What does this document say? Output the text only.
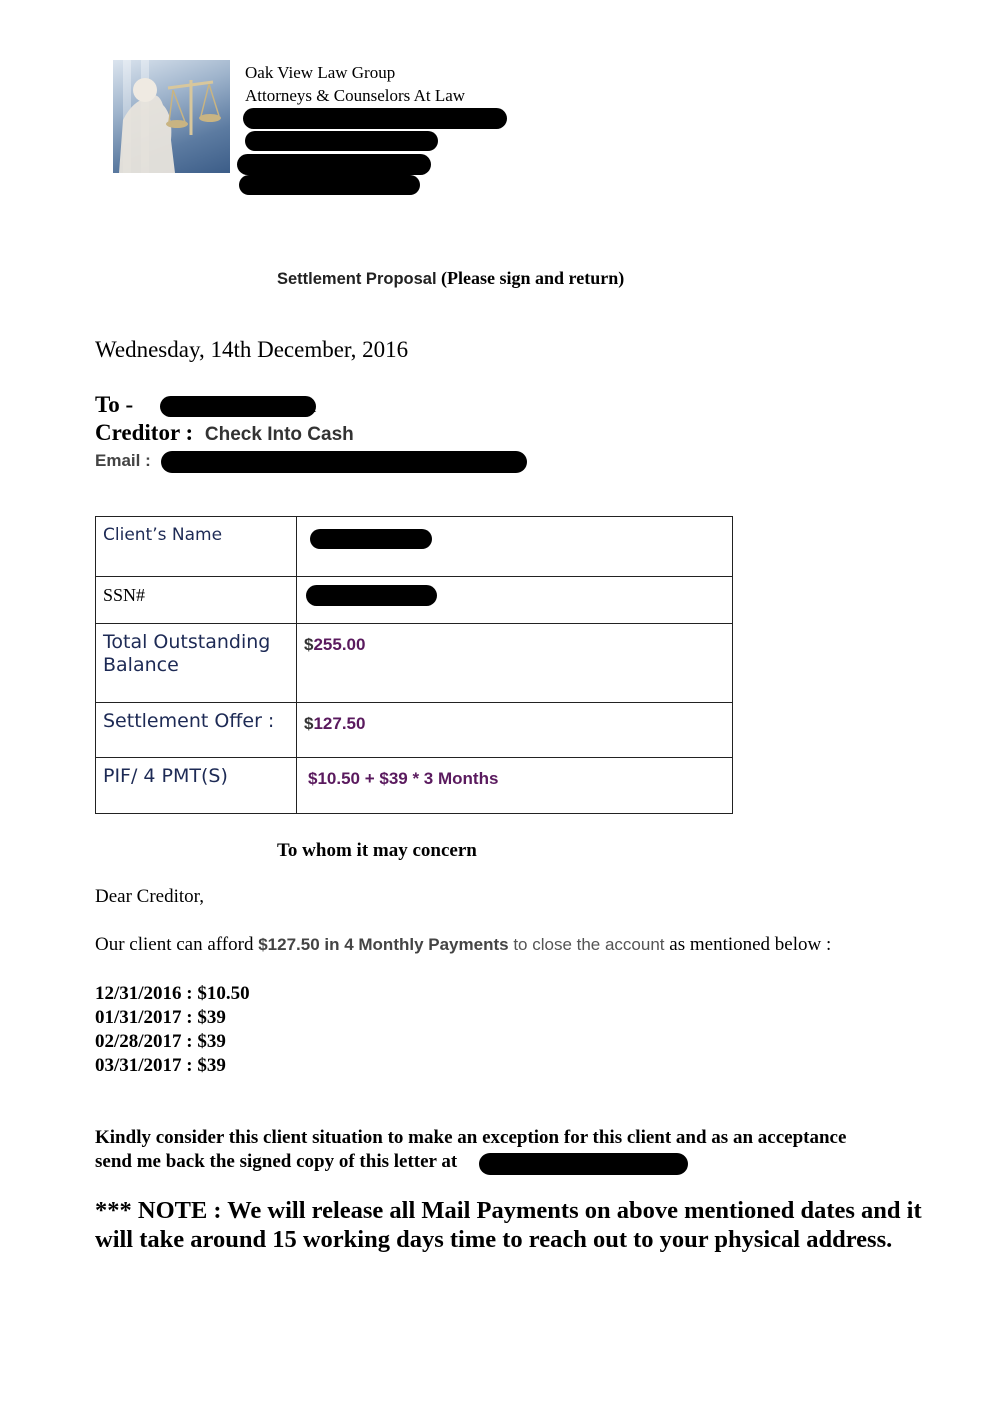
Oak View Law Group
Attorneys & Counselors At Law
Settlement Proposal (Please sign and return)
Wednesday, 14th December, 2016
To -
Creditor : Check Into Cash
Email :
Client’s Name	

SSN#	

Total Outstanding Balance	$255.00
Settlement Offer :	$127.50
PIF/ 4 PMT(S)	$10.50 + $39 * 3 Months
To whom it may concern
Dear Creditor,
Our client can afford $127.50 in 4 Monthly Payments to close the account as mentioned below :
12/31/2016 : $10.50
01/31/2017 : $39
02/28/2017 : $39
03/31/2017 : $39
Kindly consider this client situation to make an exception for this client and as an acceptance
send me back the signed copy of this letter at
*** NOTE : We will release all Mail Payments on above mentioned dates and it will take around 15 working days time to reach out to your physical address.
